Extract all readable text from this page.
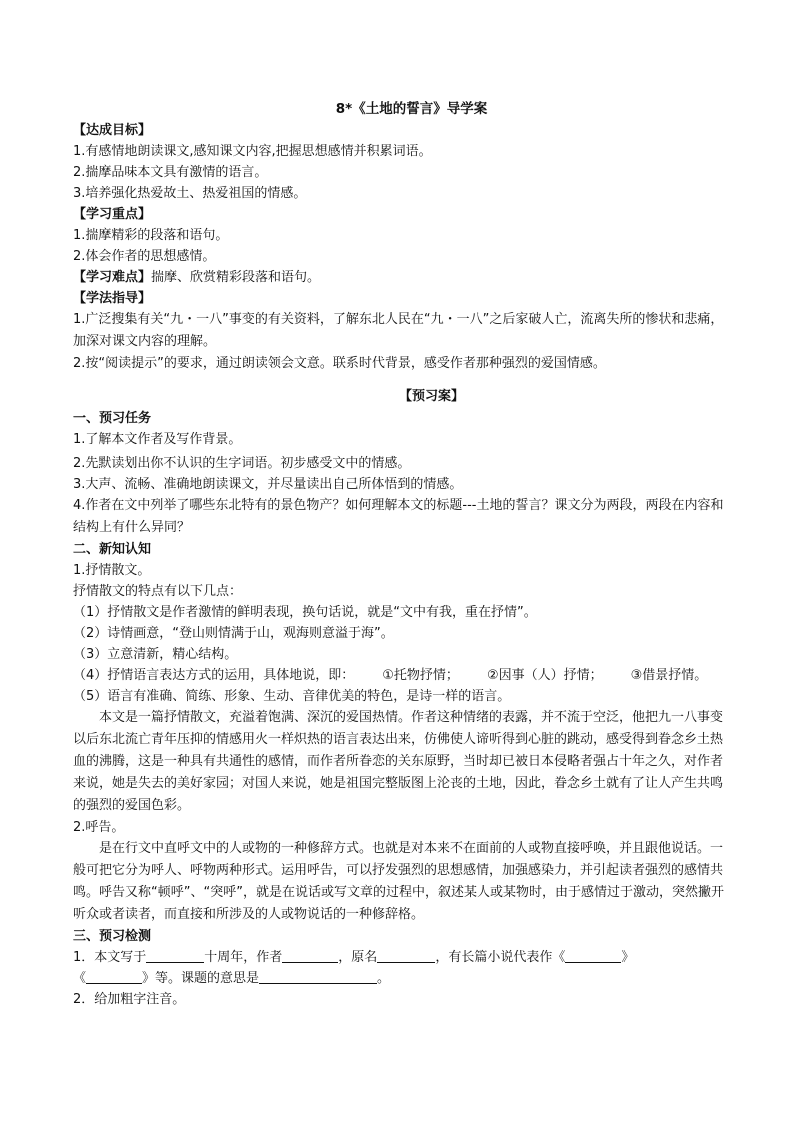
8*《土地的誓言》导学案
【达成目标】
1.有感情地朗读课文,感知课文内容,把握思想感情并积累词语。
2.揣摩品味本文具有激情的语言。
3.培养强化热爱故土、热爱祖国的情感。
【学习重点】
1.揣摩精彩的段落和语句。
2.体会作者的思想感情。
【学习难点】揣摩、欣赏精彩段落和语句。
【学法指导】
1.广泛搜集有关“九・一八”事变的有关资料，了解东北人民在“九・一八”之后家破人亡，流离失所的惨状和悲痛，加深对课文内容的理解。
2.按“阅读提示”的要求，通过朗读领会文意。联系时代背景，感受作者那种强烈的爱国情感。
【预习案】
一、预习任务
1.了解本文作者及写作背景。
2.先默读划出你不认识的生字词语。初步感受文中的情感。
3.大声、流畅、准确地朗读课文，并尽量读出自己所体悟到的情感。
4.作者在文中列举了哪些东北特有的景色物产？如何理解本文的标题---土地的誓言？课文分为两段，两段在内容和结构上有什么异同？
二、新知认知
1.抒情散文。
抒情散文的特点有以下几点：
（1）抒情散文是作者激情的鲜明表现，换句话说，就是“文中有我，重在抒情”。
（2）诗情画意，“登山则情满于山，观海则意溢于海”。
（3）立意清新，精心结构。
（4）抒情语言表达方式的运用，具体地说，即： ①托物抒情； ②因事（人）抒情； ③借景抒情。
（5）语言有准确、简练、形象、生动、音律优美的特色，是诗一样的语言。
本文是一篇抒情散文，充溢着饱满、深沉的爱国热情。作者这种情绪的表露，并不流于空泛，他把九一八事变以后东北流亡青年压抑的情感用火一样炽热的语言表达出来，仿佛使人谛听得到心脏的跳动，感受得到眷念乡土热血的沸腾，这是一种具有共通性的感情，而作者所眷恋的关东原野，当时却已被日本侵略者强占十年之久，对作者来说，她是失去的美好家园；对国人来说，她是祖国完整版图上沦丧的土地，因此，眷念乡土就有了让人产生共鸣的强烈的爱国色彩。
2.呼告。
是在行文中直呼文中的人或物的一种修辞方式。也就是对本来不在面前的人或物直接呼唤，并且跟他说话。一般可把它分为呼人、呼物两种形式。运用呼告，可以抒发强烈的思想感情，加强感染力，并引起读者强烈的感情共鸣。呼告又称“顿呼”、“突呼”，就是在说话或写文章的过程中，叙述某人或某物时，由于感情过于激动，突然撇开听众或者读者，而直接和所涉及的人或物说话的一种修辞格。
三、预习检测
1．本文写于	十周年，作者	，原名	，有长篇小说代表作《	》
《	》等。课题的意思是	。
2．给加粗字注音。
